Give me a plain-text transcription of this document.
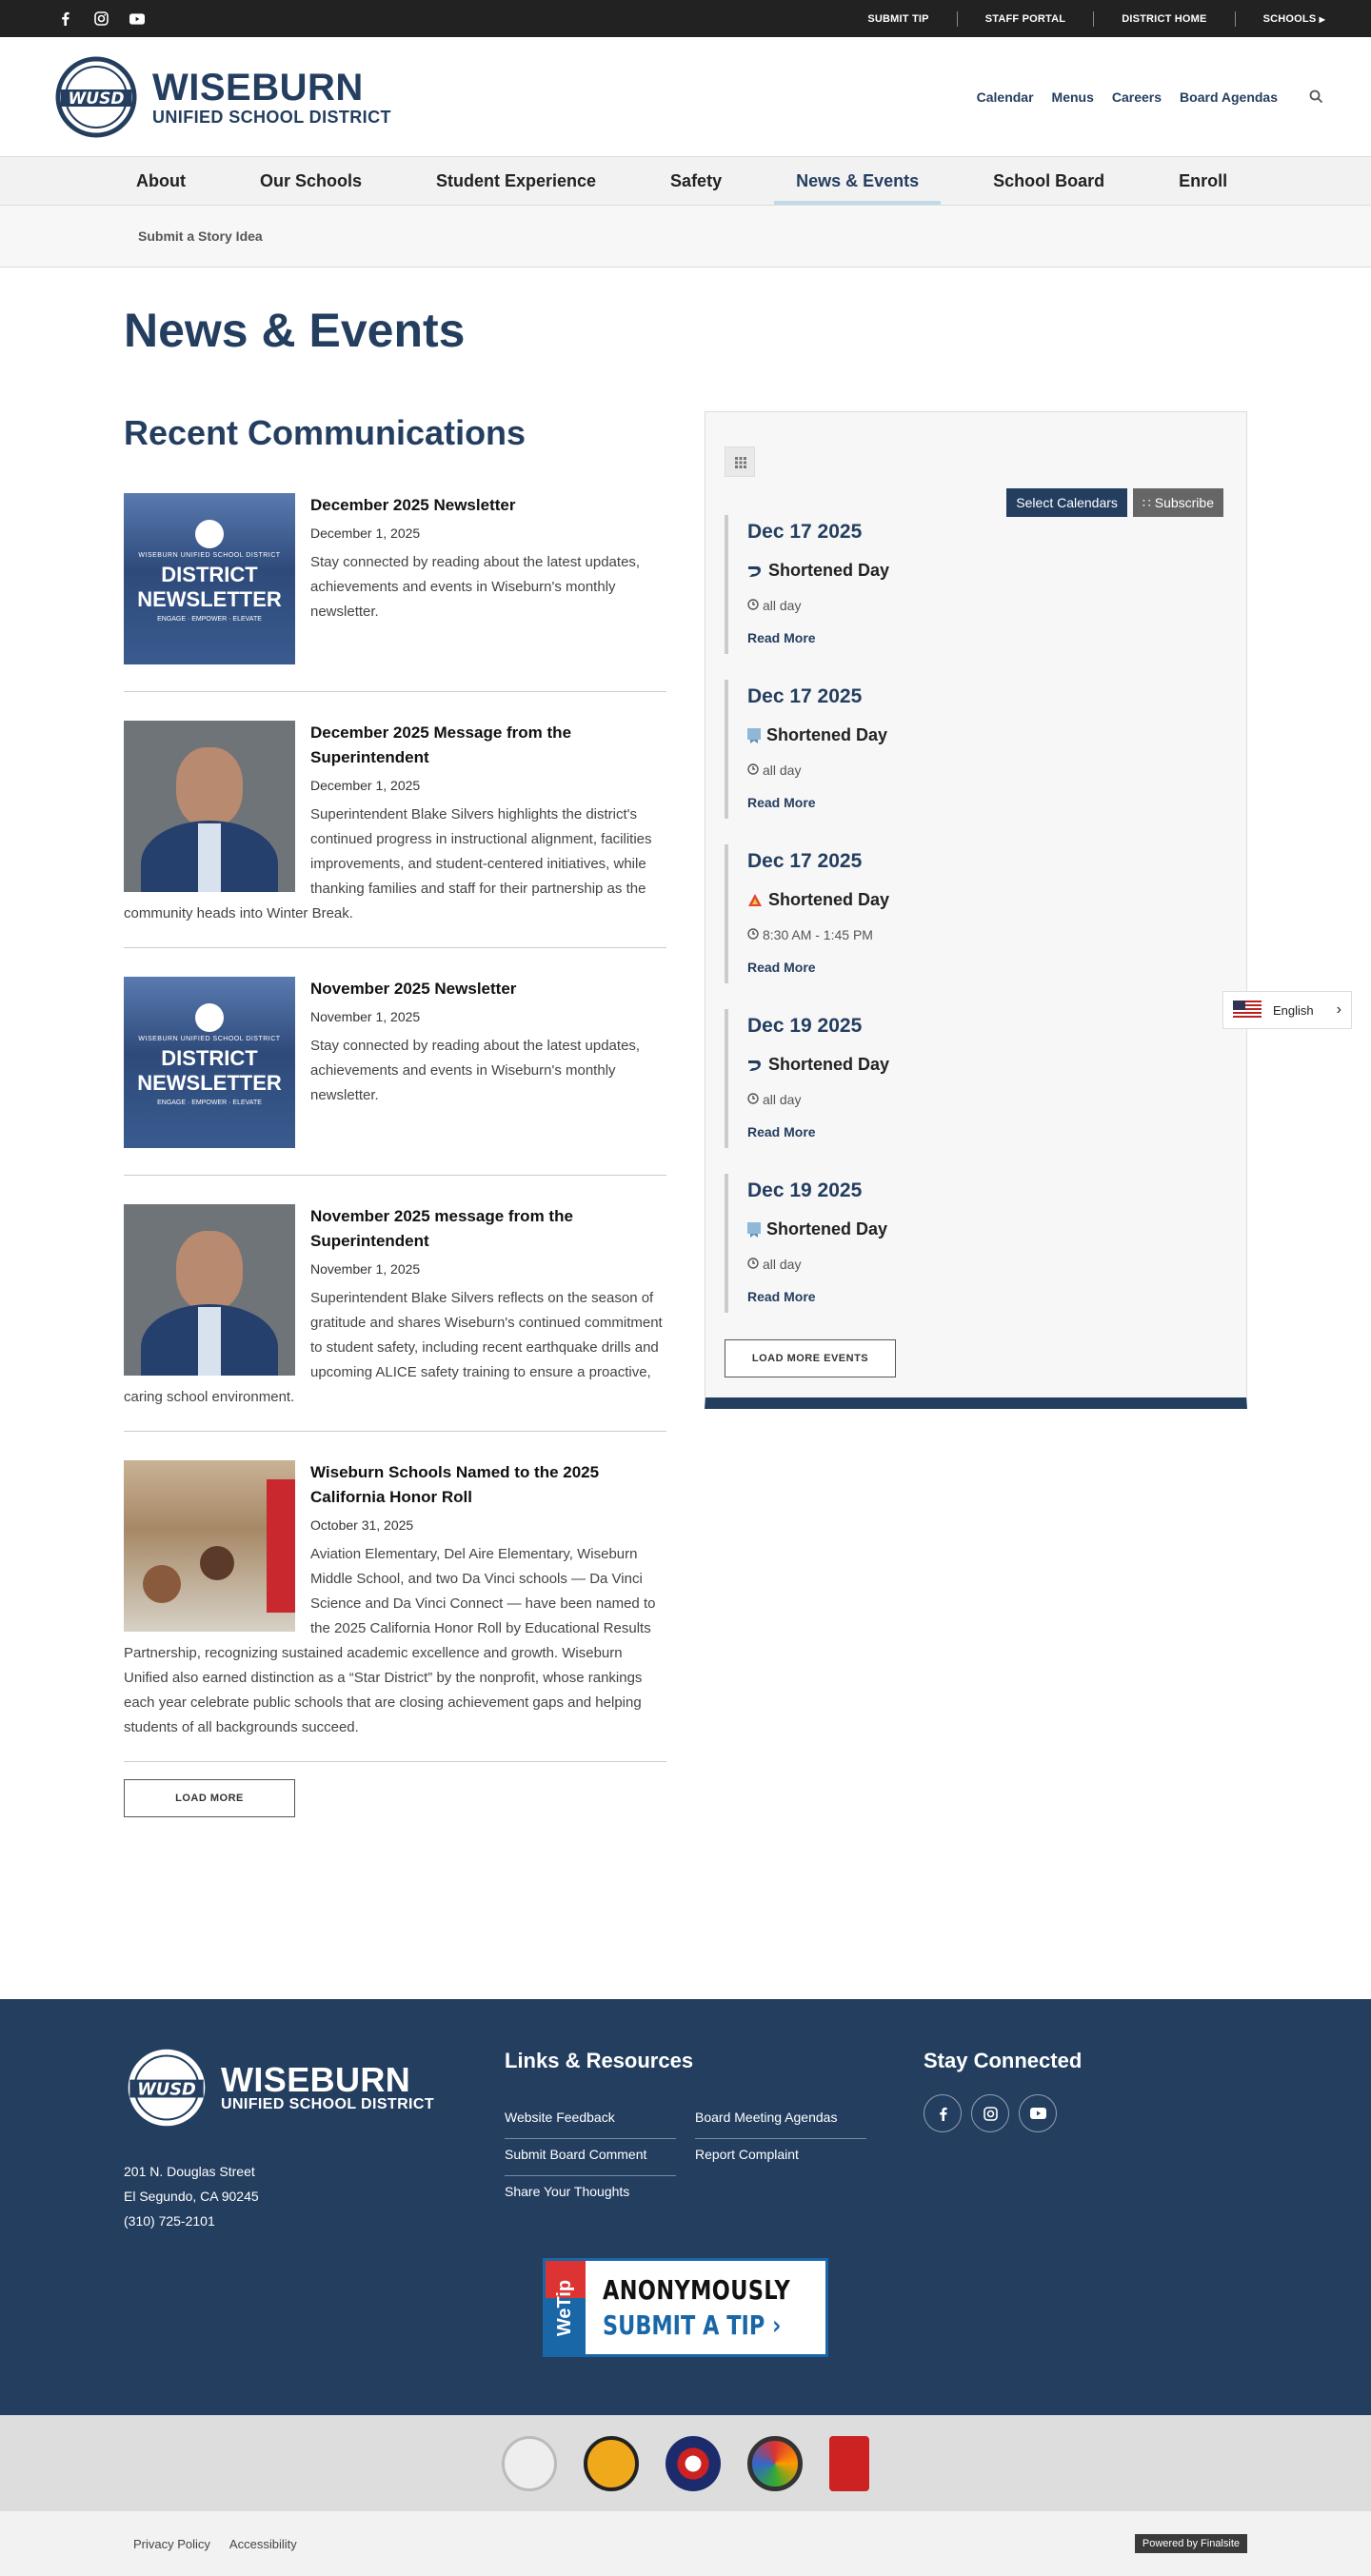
SUBMIT TIP	STAFF PORTAL	DISTRICT HOME	SCHOOLS ▶
WUSD WISEBURN
UNIFIED SCHOOL DISTRICT
Calendar Menus Careers Board Agendas
About	Our Schools	Student Experience	Safety	News & Events	School Board	Enroll
Submit a Story Idea
News & Events
Recent Communications
WISEBURN UNIFIED SCHOOL DISTRICT
DISTRICT
NEWSLETTER
ENGAGE · EMPOWER · ELEVATE
December 2025 Newsletter
December 1, 2025

Stay connected by reading about the latest updates, achievements and events in Wiseburn's monthly newsletter.

December 2025 Message from the Superintendent
December 1, 2025

Superintendent Blake Silvers highlights the district's continued progress in instructional alignment, facilities improvements, and student-centered initiatives, while thanking families and staff for their partnership as the community heads into Winter Break.

WISEBURN UNIFIED SCHOOL DISTRICT
DISTRICT
NEWSLETTER
ENGAGE · EMPOWER · ELEVATE
November 2025 Newsletter
November 1, 2025

Stay connected by reading about the latest updates, achievements and events in Wiseburn's monthly newsletter.

November 2025 message from the Superintendent
November 1, 2025

Superintendent Blake Silvers reflects on the season of gratitude and shares Wiseburn's continued commitment to student safety, including recent earthquake drills and upcoming ALICE safety training to ensure a proactive, caring school environment.

Wiseburn Schools Named to the 2025 California Honor Roll
October 31, 2025

Aviation Elementary, Del Aire Elementary, Wiseburn Middle School, and two Da Vinci schools — Da Vinci Science and Da Vinci Connect — have been named to the 2025 California Honor Roll by Educational Results Partnership, recognizing sustained academic excellence and growth. Wiseburn Unified also earned distinction as a “Star District” by the nonprofit, whose rankings each year celebrate public schools that are closing achievement gaps and helping students of all backgrounds succeed.

LOAD MORE
Select Calendars	∷ Subscribe
Dec 17 2025
Shortened Day
all day
Read More
Dec 17 2025
Shortened Day
all day
Read More
Dec 17 2025
Shortened Day
8:30 AM - 1:45 PM
Read More
Dec 19 2025
Shortened Day
all day
Read More
Dec 19 2025
Shortened Day
all day
Read More
LOAD MORE EVENTS
English ›
WUSD WISEBURN
UNIFIED SCHOOL DISTRICT
201 N. Douglas Street
El Segundo, CA 90245
(310) 725-2101
Links & Resources
Website Feedback	Board Meeting Agendas
Submit Board Comment	Report Complaint
Share Your Thoughts
Stay Connected
WeTip ANONYMOUSLY
SUBMIT A TIP ›
Privacy Policy Accessibility	Powered by Finalsite
